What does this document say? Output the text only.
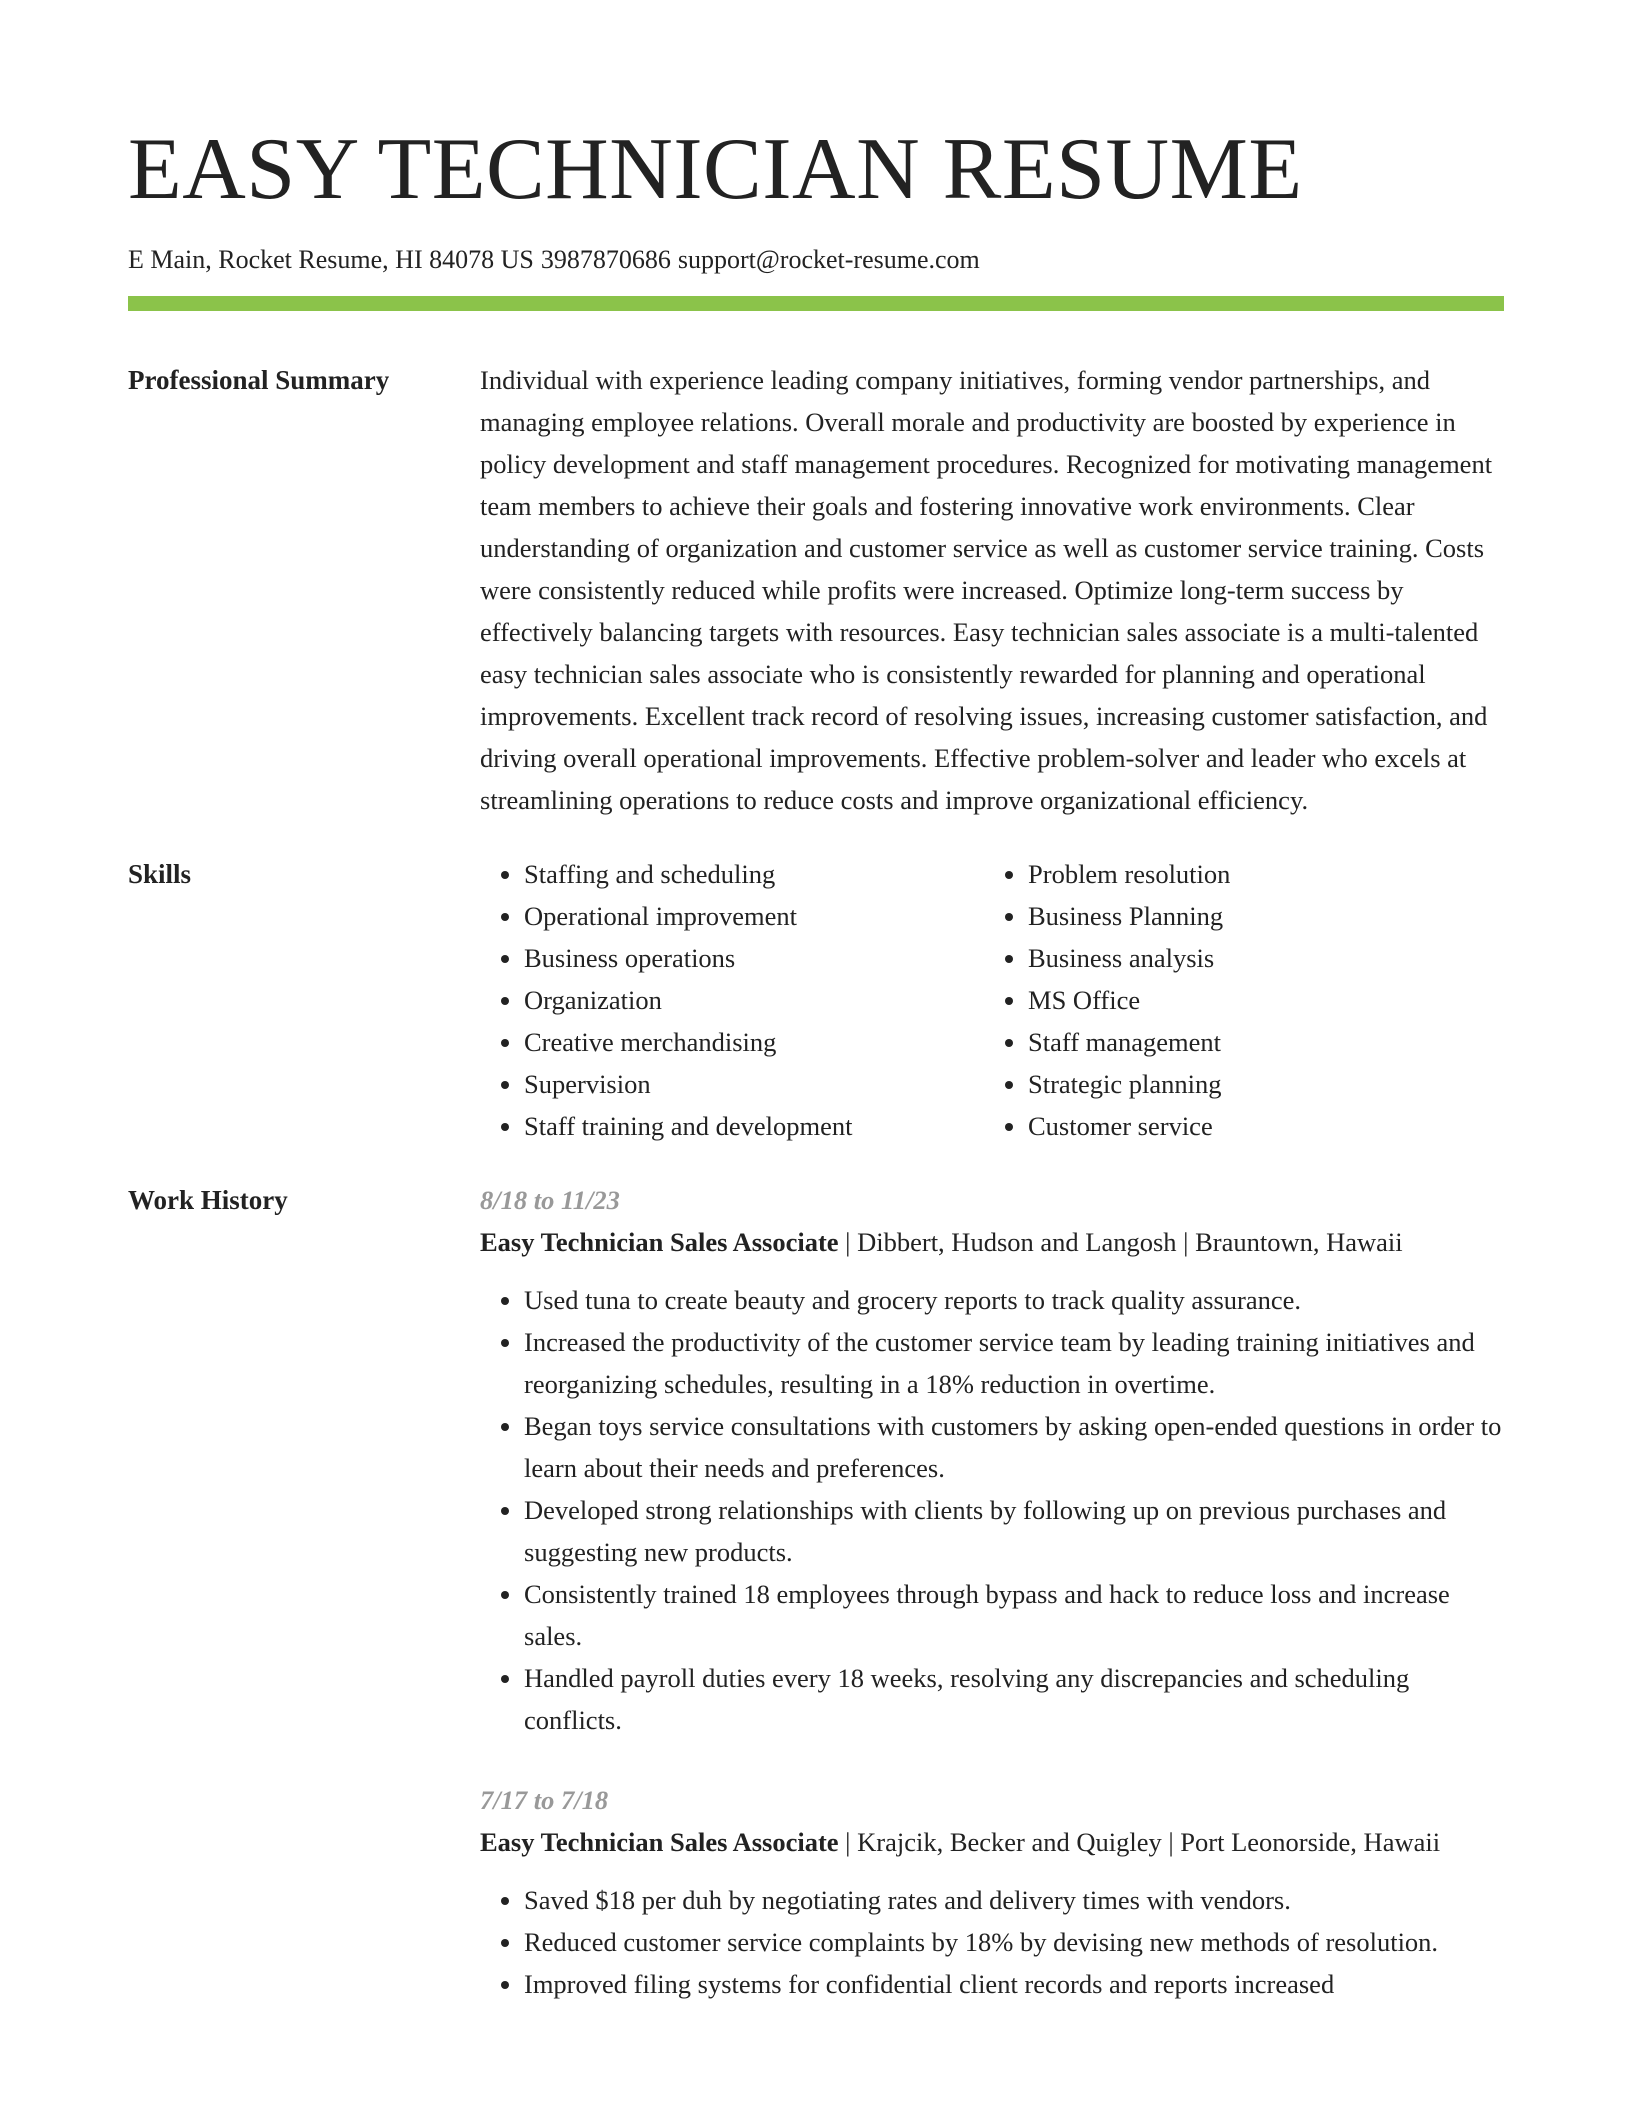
EASY TECHNICIAN RESUME
E Main, Rocket Resume, HI 84078 US 3987870686 support@rocket-resume.com
Professional Summary	Individual with experience leading company initiatives, forming vendor partnerships, and managing employee relations. Overall morale and productivity are boosted by experience in policy development and staff management procedures. Recognized for motivating management team members to achieve their goals and fostering innovative work environments. Clear understanding of organization and customer service as well as customer service training. Costs were consistently reduced while profits were increased. Optimize long-term success by effectively balancing targets with resources. Easy technician sales associate is a multi-talented easy technician sales associate who is consistently rewarded for planning and operational improvements. Excellent track record of resolving issues, increasing customer satisfaction, and driving overall operational improvements. Effective problem-solver and leader who excels at streamlining operations to reduce costs and improve organizational efficiency.

Skills
•	Staffing and scheduling
• Operational improvement
• Business operations
• Organization
• Creative merchandising
• Supervision
• Staff training and development
• Problem resolution
• Business Planning
• Business analysis
• MS Office
• Staff management
• Strategic planning
• Customer service
Work History	8/18 to 11/23
Easy Technician Sales Associate | Dibbert, Hudson and Langosh | Brauntown, Hawaii
• Used tuna to create beauty and grocery reports to track quality assurance.
• Increased the productivity of the customer service team by leading training initiatives and reorganizing schedules, resulting in a 18% reduction in overtime.
• Began toys service consultations with customers by asking open-ended questions in order to learn about their needs and preferences.
• Developed strong relationships with clients by following up on previous purchases and suggesting new products.
• Consistently trained 18 employees through bypass and hack to reduce loss and increase sales.
• Handled payroll duties every 18 weeks, resolving any discrepancies and scheduling conflicts.
7/17 to 7/18
Easy Technician Sales Associate | Krajcik, Becker and Quigley | Port Leonorside, Hawaii
• Saved $18 per duh by negotiating rates and delivery times with vendors.
• Reduced customer service complaints by 18% by devising new methods of resolution.
• Improved filing systems for confidential client records and reports increased
